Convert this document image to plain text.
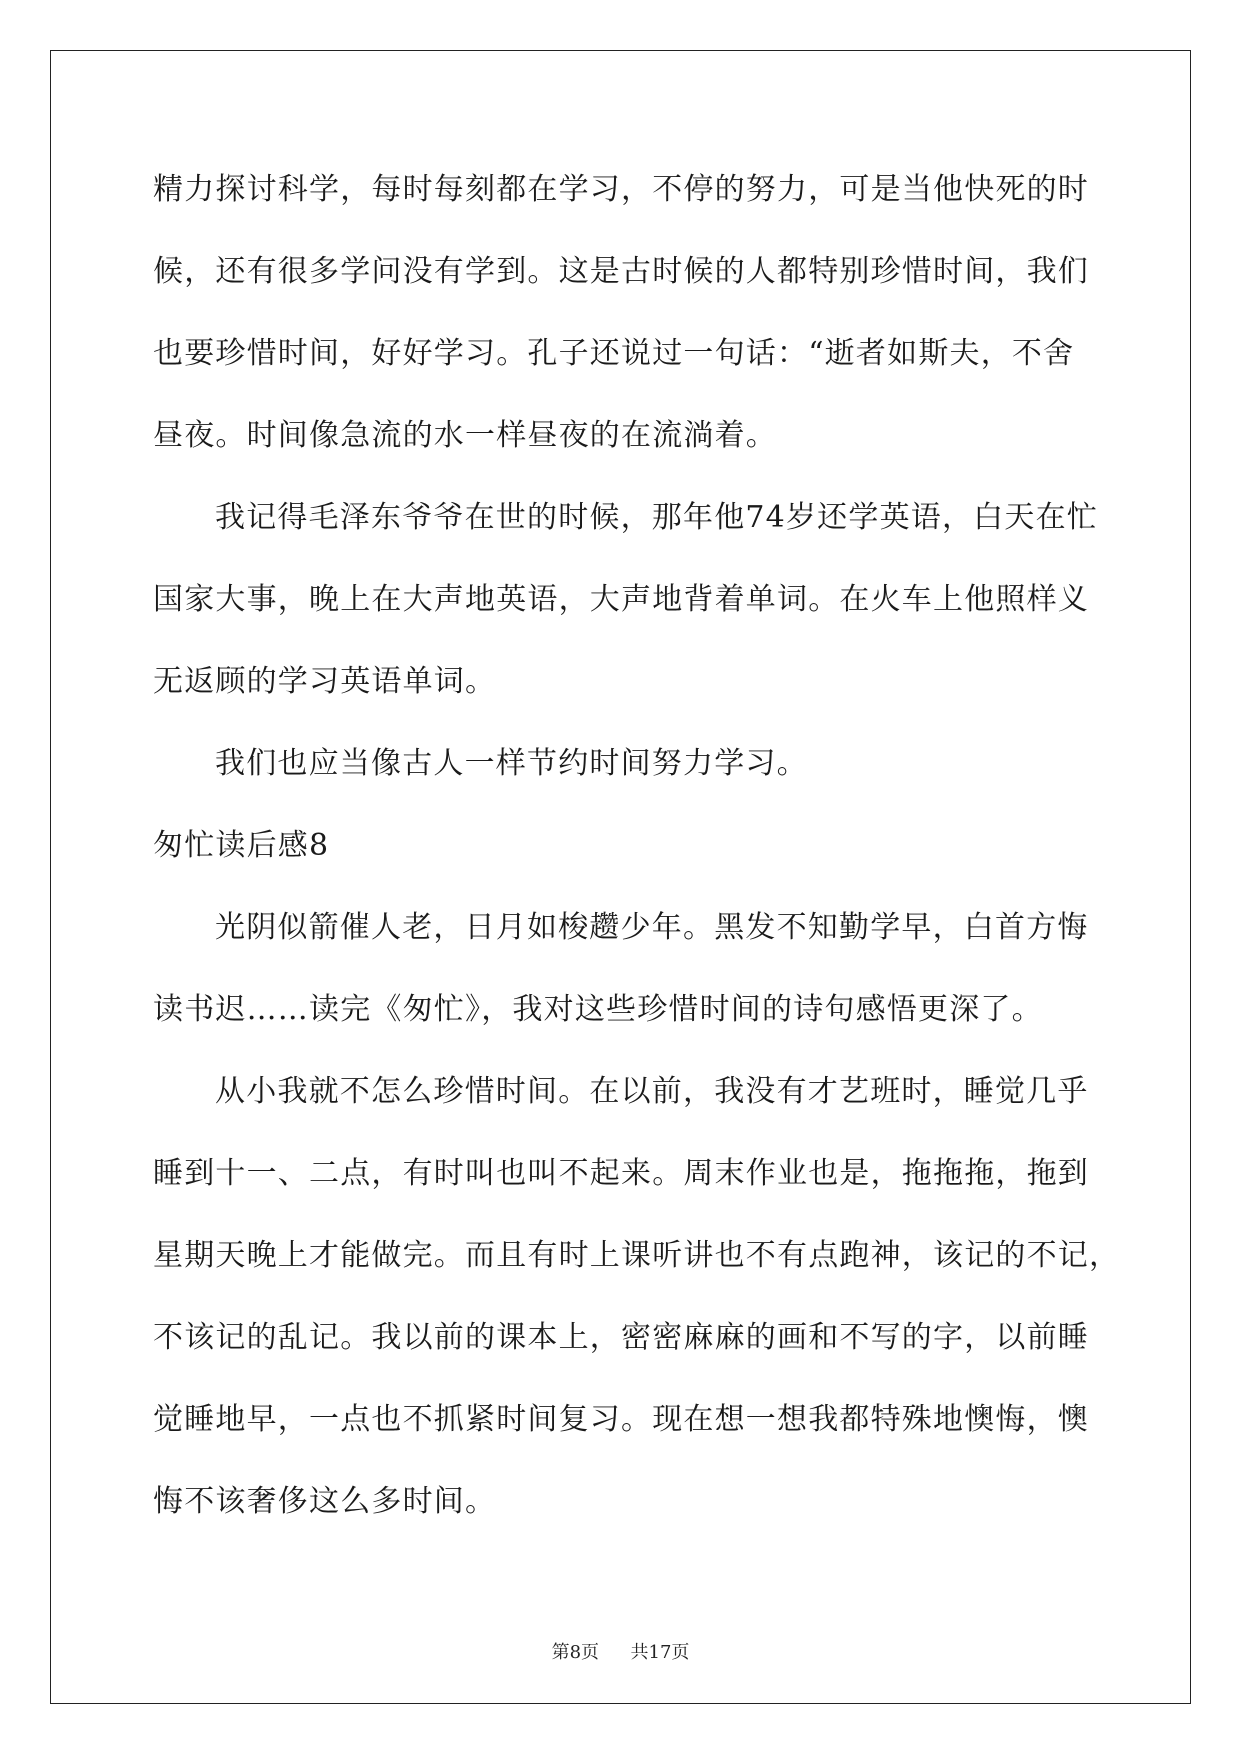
精力探讨科学，每时每刻都在学习，不停的努力，可是当他快死的时
候，还有很多学问没有学到。这是古时候的人都特别珍惜时间，我们
也要珍惜时间，好好学习。孔子还说过一句话：“逝者如斯夫，不舍
昼夜。时间像急流的水一样昼夜的在流淌着。
我记得毛泽东爷爷在世的时候，那年他74岁还学英语，白天在忙
国家大事，晚上在大声地英语，大声地背着单词。在火车上他照样义
无返顾的学习英语单词。
我们也应当像古人一样节约时间努力学习。
匆忙读后感8
光阴似箭催人老，日月如梭趱少年。黑发不知勤学早，白首方悔
读书迟……读完《匆忙》，我对这些珍惜时间的诗句感悟更深了。
从小我就不怎么珍惜时间。在以前，我没有才艺班时，睡觉几乎
睡到十一、二点，有时叫也叫不起来。周末作业也是，拖拖拖，拖到
星期天晚上才能做完。而且有时上课听讲也不有点跑神，该记的不记，
不该记的乱记。我以前的课本上，密密麻麻的画和不写的字，以前睡
觉睡地早，一点也不抓紧时间复习。现在想一想我都特殊地懊悔，懊
悔不该奢侈这么多时间。
第8页 共17页
